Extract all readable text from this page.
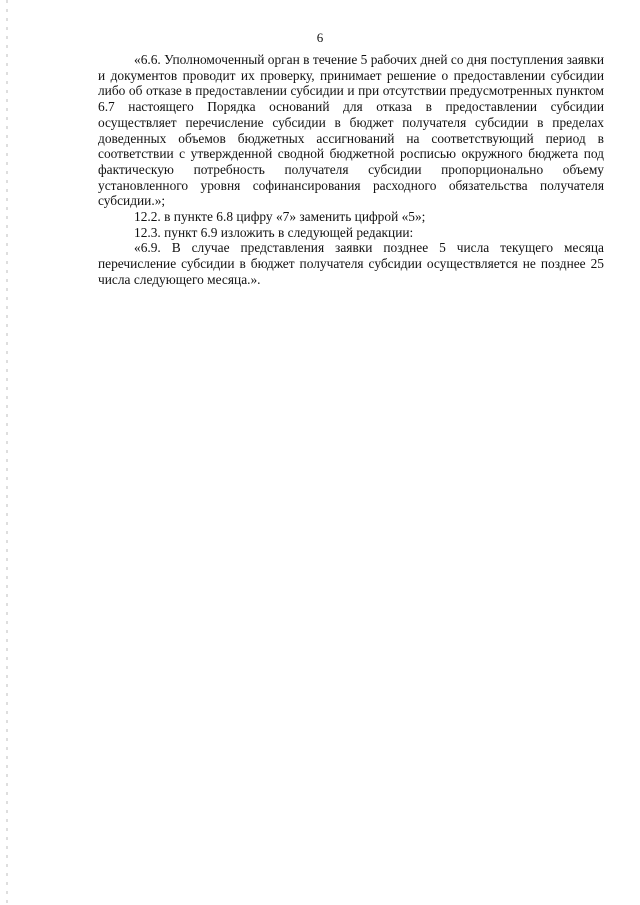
6

«6.6. Уполномоченный орган в течение 5 рабочих дней со дня поступления заявки и документов проводит их проверку, принимает решение о предоставлении субсидии либо об отказе в предоставлении субсидии и при отсутствии предусмотренных пунктом 6.7 настоящего Порядка оснований для отказа в предоставлении субсидии осуществляет перечисление субсидии в бюджет получателя субсидии в пределах доведенных объемов бюджетных ассигнований на соответствующий период в соответствии с утвержденной сводной бюджетной росписью окружного бюджета под фактическую потребность получателя субсидии пропорционально объему установленного уровня софинансирования расходного обязательства получателя субсидии.»;

12.2. в пункте 6.8 цифру «7» заменить цифрой «5»;

12.3. пункт 6.9 изложить в следующей редакции:

«6.9. В случае представления заявки позднее 5 числа текущего месяца перечисление субсидии в бюджет получателя субсидии осуществляется не позднее 25 числа следующего месяца.».
